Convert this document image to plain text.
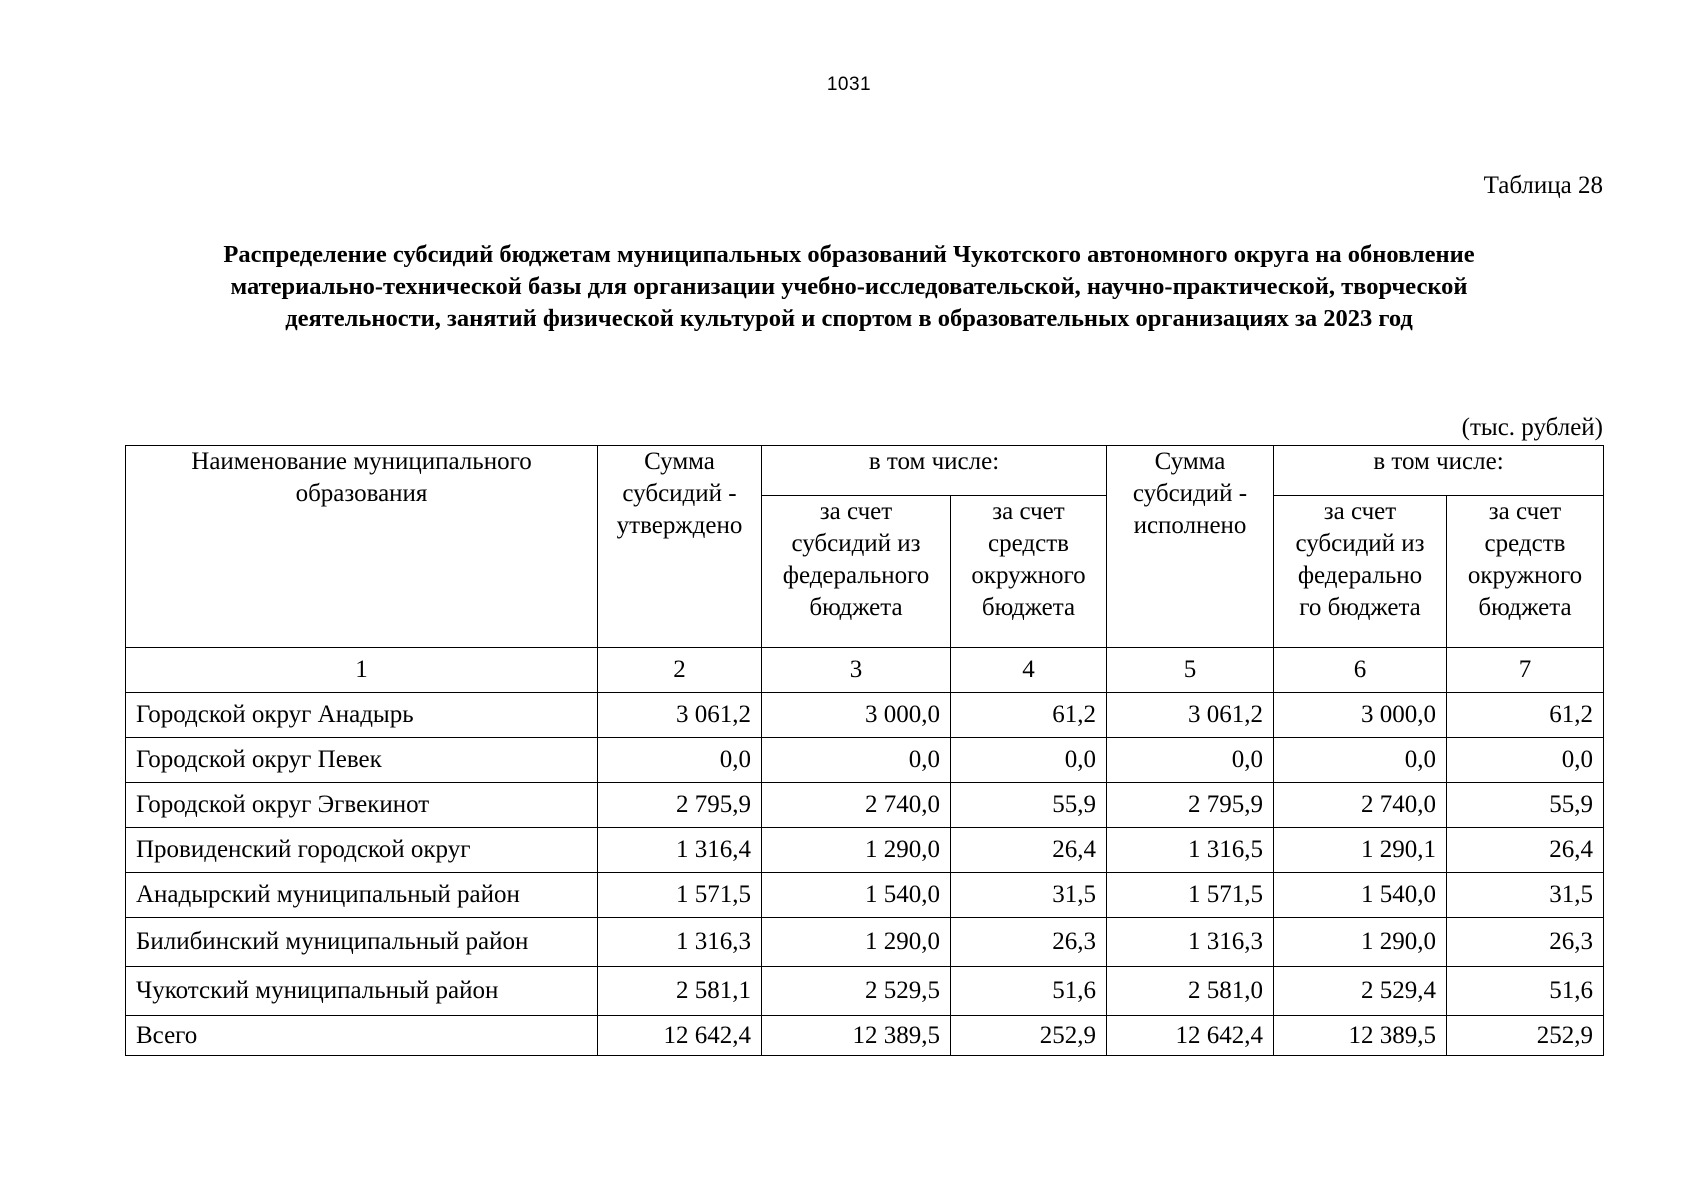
1031
Таблица 28
Распределение субсидий бюджетам муниципальных образований Чукотского автономного округа на обновление
материально-технической базы для организации учебно-исследовательской, научно-практической, творческой
деятельности, занятий физической культурой и спортом в образовательных организациях за 2023 год
(тыс. рублей)
Наименование муниципального образования	Сумма субсидий - утверждено	в том числе:		Сумма субсидий - исполнено	в том числе:	
		за счет субсидий из федерального бюджета	за счет средств окружного бюджета		за счет субсидий из федерально го бюджета	за счет средств окружного бюджета
1	2	3	4	5	6	7
Городской округ Анадырь	3 061,2	3 000,0	61,2	3 061,2	3 000,0	61,2
Городской округ Певек	0,0	0,0	0,0	0,0	0,0	0,0
Городской округ Эгвекинот	2 795,9	2 740,0	55,9	2 795,9	2 740,0	55,9
Провиденский городской округ	1 316,4	1 290,0	26,4	1 316,5	1 290,1	26,4
Анадырский муниципальный район	1 571,5	1 540,0	31,5	1 571,5	1 540,0	31,5
Билибинский муниципальный район	1 316,3	1 290,0	26,3	1 316,3	1 290,0	26,3
Чукотский муниципальный район	2 581,1	2 529,5	51,6	2 581,0	2 529,4	51,6
Всего	12 642,4	12 389,5	252,9	12 642,4	12 389,5	252,9
